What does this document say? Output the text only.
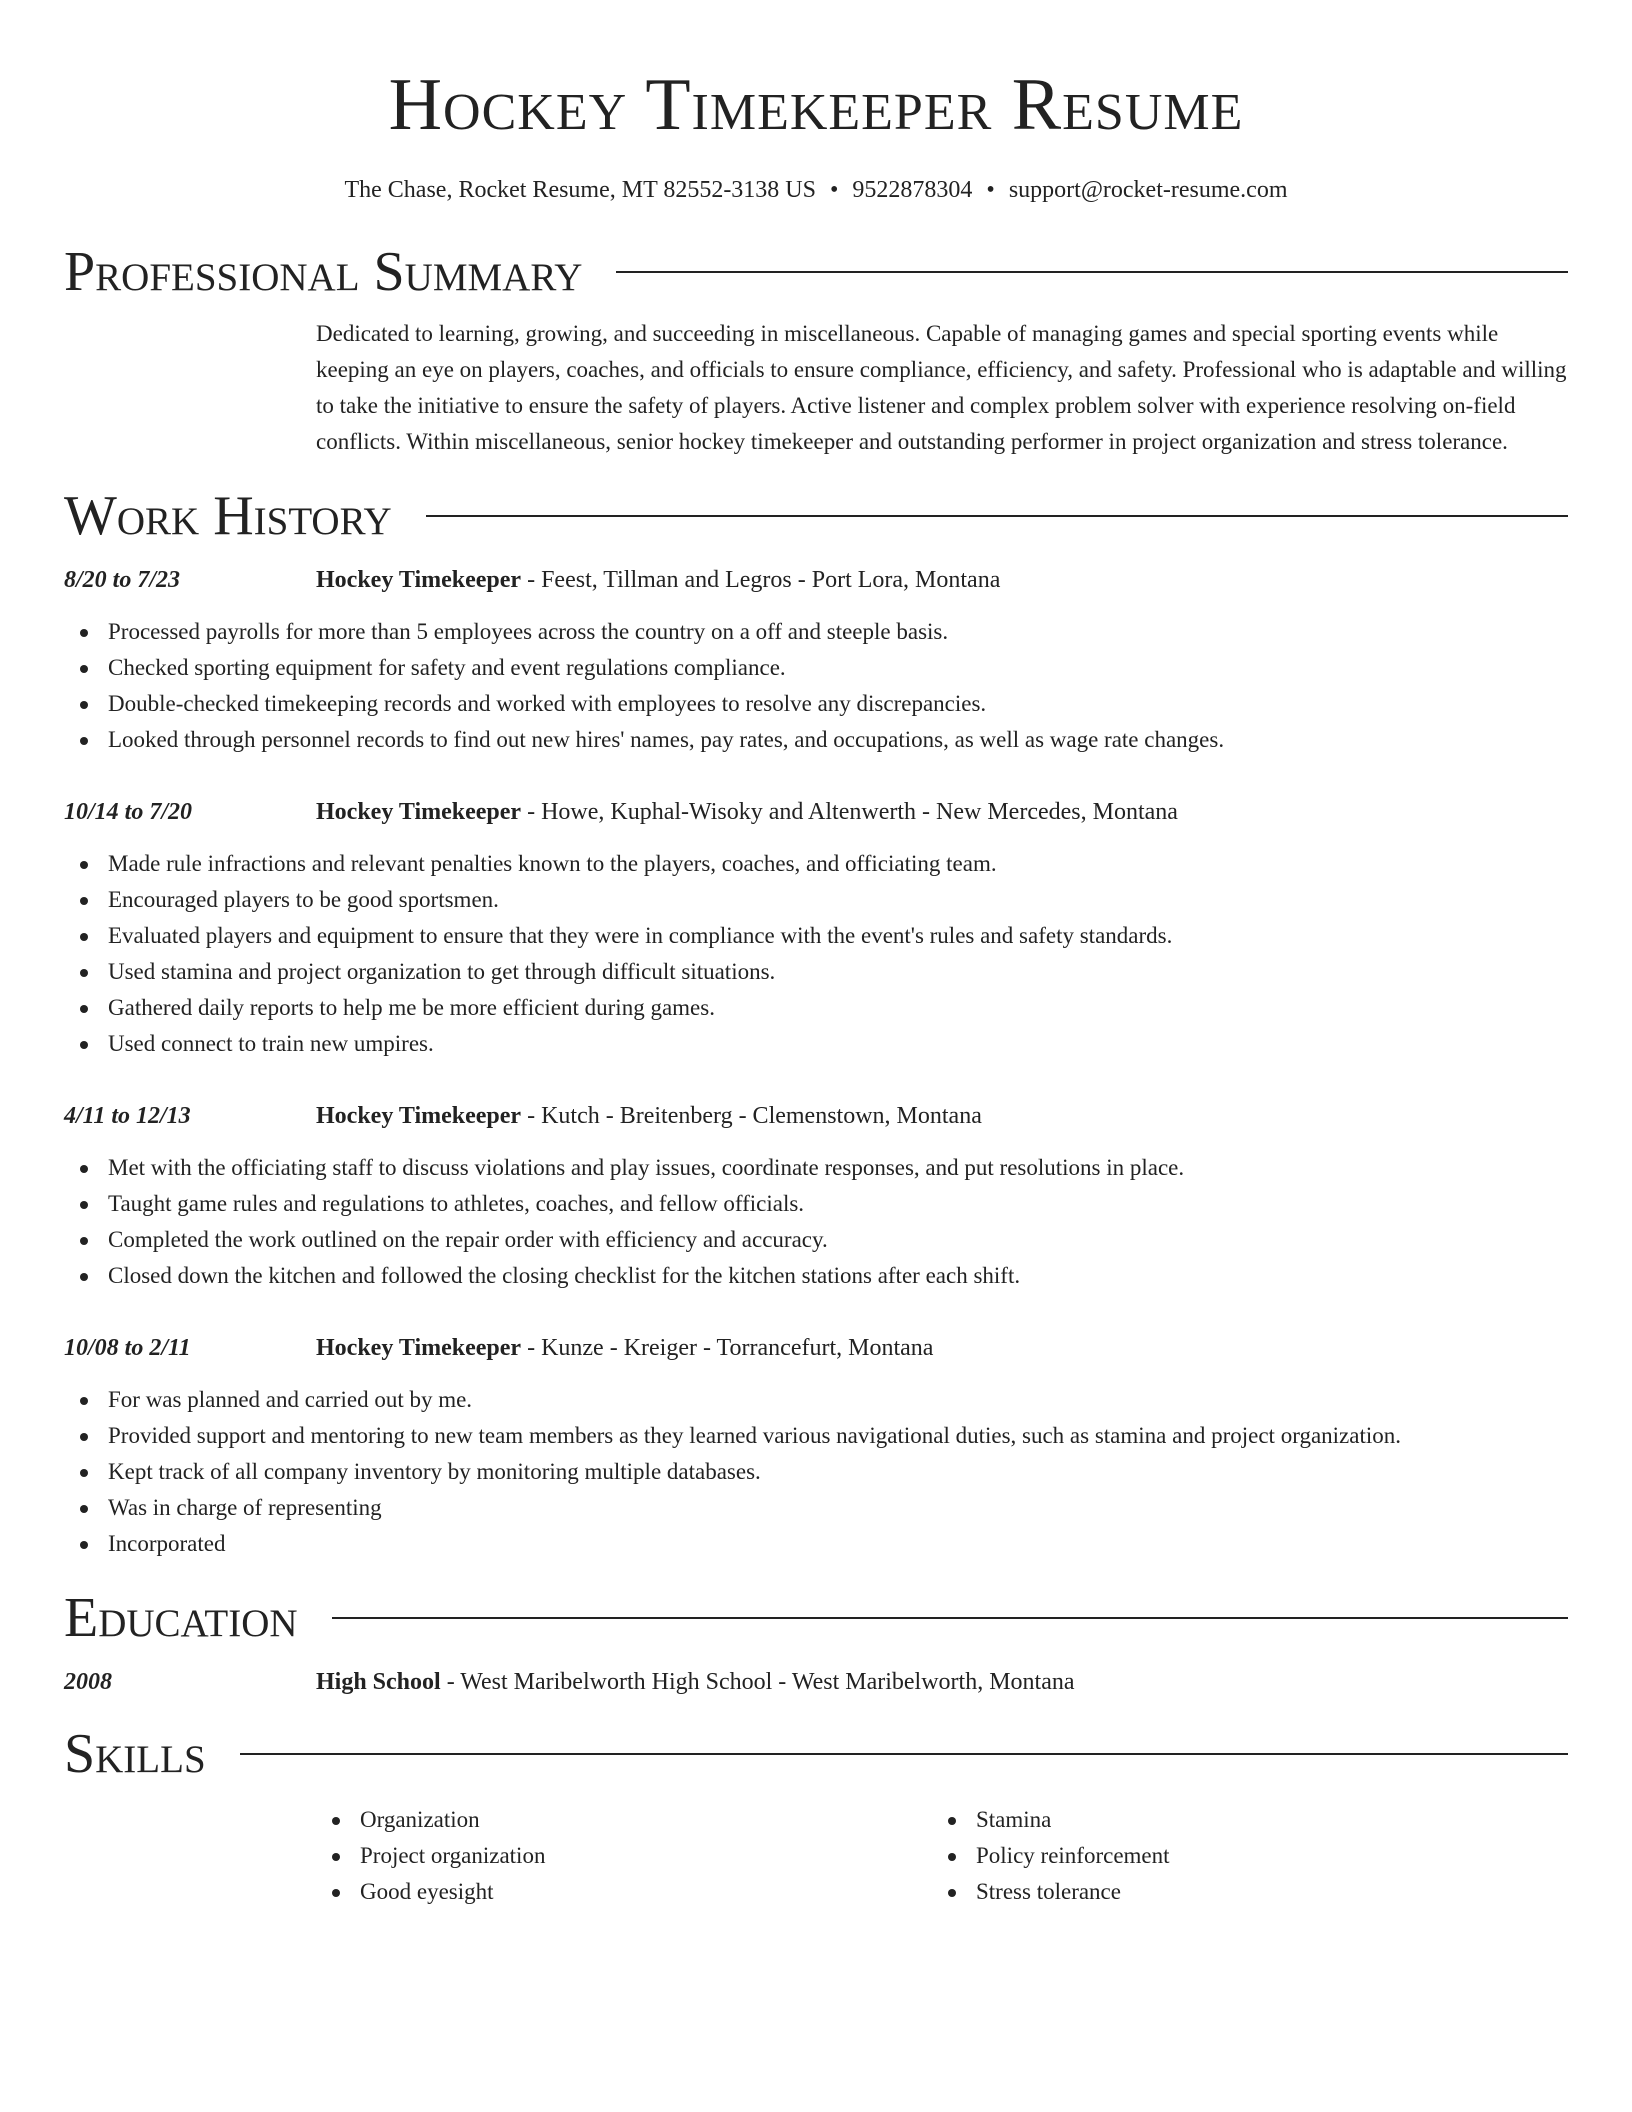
Hockey Timekeeper Resume
The Chase, Rocket Resume, MT 82552-3138 US • 9522878304 • support@rocket-resume.com
Professional Summary
Dedicated to learning, growing, and succeeding in miscellaneous. Capable of managing games and special sporting events while keeping an eye on players, coaches, and officials to ensure compliance, efficiency, and safety. Professional who is adaptable and willing to take the initiative to ensure the safety of players. Active listener and complex problem solver with experience resolving on-field conflicts. Within miscellaneous, senior hockey timekeeper and outstanding performer in project organization and stress tolerance.
Work History
8/20 to 7/23	Hockey Timekeeper - Feest, Tillman and Legros - Port Lora, Montana
Processed payrolls for more than 5 employees across the country on a off and steeple basis.
Checked sporting equipment for safety and event regulations compliance.
Double-checked timekeeping records and worked with employees to resolve any discrepancies.
Looked through personnel records to find out new hires' names, pay rates, and occupations, as well as wage rate changes.
10/14 to 7/20	Hockey Timekeeper - Howe, Kuphal-Wisoky and Altenwerth - New Mercedes, Montana
Made rule infractions and relevant penalties known to the players, coaches, and officiating team.
Encouraged players to be good sportsmen.
Evaluated players and equipment to ensure that they were in compliance with the event's rules and safety standards.
Used stamina and project organization to get through difficult situations.
Gathered daily reports to help me be more efficient during games.
Used connect to train new umpires.
4/11 to 12/13	Hockey Timekeeper - Kutch - Breitenberg - Clemenstown, Montana
Met with the officiating staff to discuss violations and play issues, coordinate responses, and put resolutions in place.
Taught game rules and regulations to athletes, coaches, and fellow officials.
Completed the work outlined on the repair order with efficiency and accuracy.
Closed down the kitchen and followed the closing checklist for the kitchen stations after each shift.
10/08 to 2/11	Hockey Timekeeper - Kunze - Kreiger - Torrancefurt, Montana
For was planned and carried out by me.
Provided support and mentoring to new team members as they learned various navigational duties, such as stamina and project organization.
Kept track of all company inventory by monitoring multiple databases.
Was in charge of representing
Incorporated
Education
2008	High School - West Maribelworth High School - West Maribelworth, Montana
Skills
Organization
Project organization
Good eyesight
Stamina
Policy reinforcement
Stress tolerance
